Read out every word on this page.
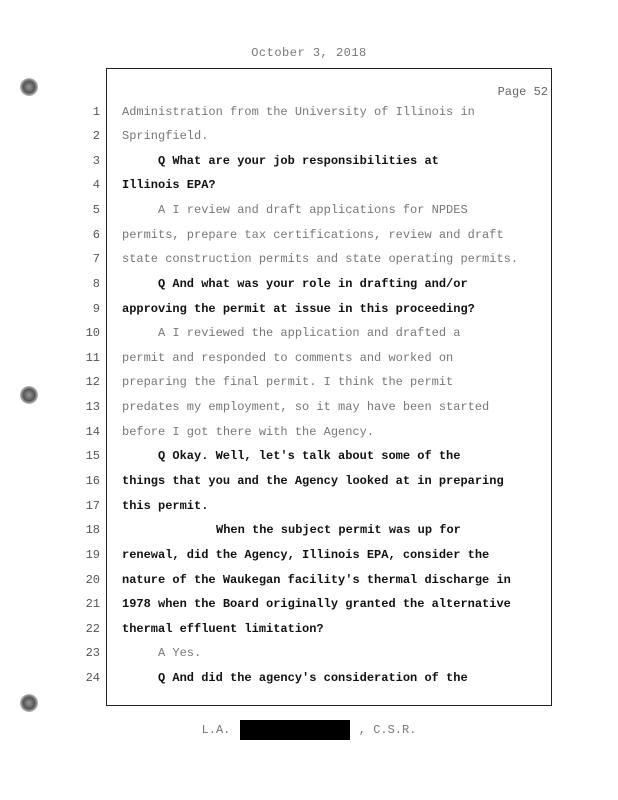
October 3, 2018
Page 52
1
2
3
4
5
6
7
8
9
10
11
12
13
14
15
16
17
18
19
20
21
22
23
24
Administration from the University of Illinois in
Springfield.
Q What are your job responsibilities at
Illinois EPA?
A I review and draft applications for NPDES
permits, prepare tax certifications, review and draft
state construction permits and state operating permits.
Q And what was your role in drafting and/or
approving the permit at issue in this proceeding?
A I reviewed the application and drafted a
permit and responded to comments and worked on
preparing the final permit. I think the permit
predates my employment, so it may have been started
before I got there with the Agency.
Q Okay. Well, let's talk about some of the
things that you and the Agency looked at in preparing
this permit.
When the subject permit was up for
renewal, did the Agency, Illinois EPA, consider the
nature of the Waukegan facility's thermal discharge in
1978 when the Board originally granted the alternative
thermal effluent limitation?
A Yes.
Q And did the agency's consideration of the
L.A.	, C.S.R.
